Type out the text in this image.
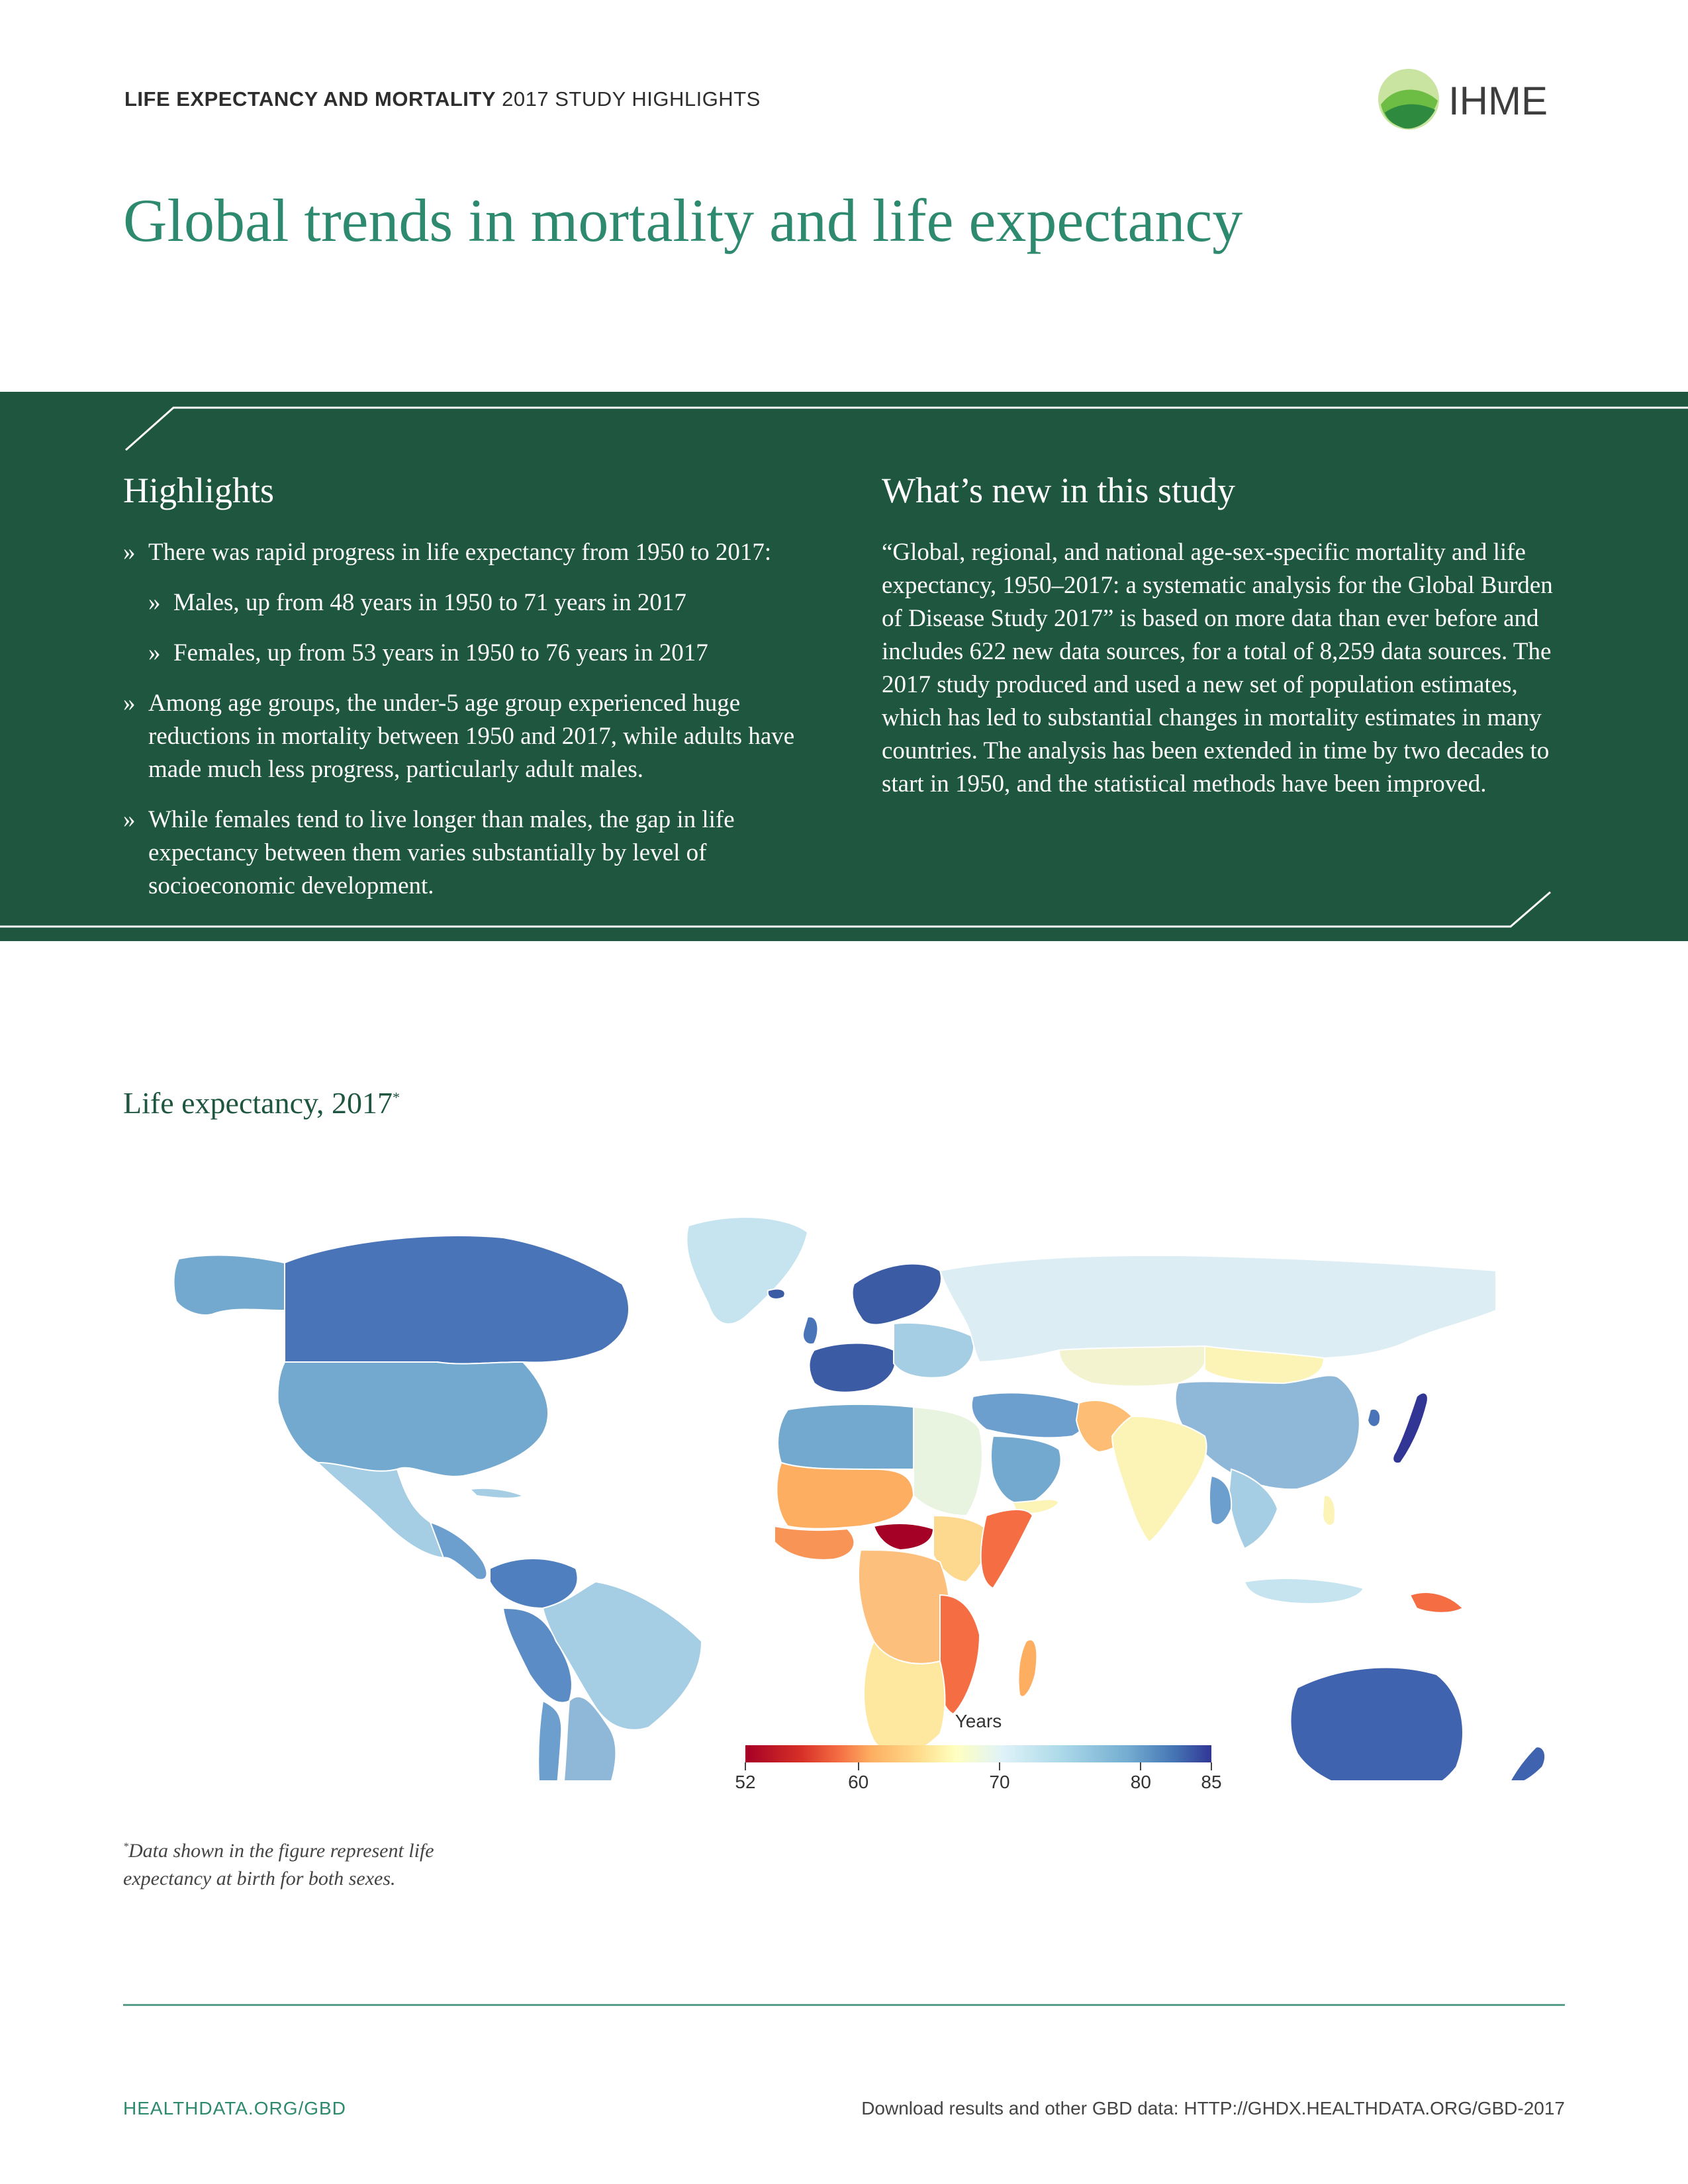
LIFE EXPECTANCY AND MORTALITY 2017 STUDY HIGHLIGHTS	IHME
Global trends in mortality and life expectancy
Highlights	What’s new in this study
» There was rapid progress in life expectancy from 1950 to 2017:
» Males, up from 48 years in 1950 to 71 years in 2017
» Females, up from 53 years in 1950 to 76 years in 2017
» Among age groups, the under-5 age group experienced huge reductions in mortality between 1950 and 2017, while adults have made much less progress, particularly adult males.
» While females tend to live longer than males, the gap in life expectancy between them varies substantially by level of socioeconomic development.
“Global, regional, and national age-sex-specific mortality and life expectancy, 1950–2017: a systematic analysis for the Global Burden of Disease Study 2017” is based on more data than ever before and includes 622 new data sources, for a total of 8,259 data sources. The 2017 study produced and used a new set of population estimates, which has led to substantial changes in mortality estimates in many countries. The analysis has been extended in time by two decades to start in 1950, and the statistical methods have been improved.
Life expectancy, 2017*
Years
52	60	70	80	85
*Data shown in the figure represent life expectancy at birth for both sexes.
HEALTHDATA.ORG/GBD	Download results and other GBD data: HTTP://GHDX.HEALTHDATA.ORG/GBD-2017
